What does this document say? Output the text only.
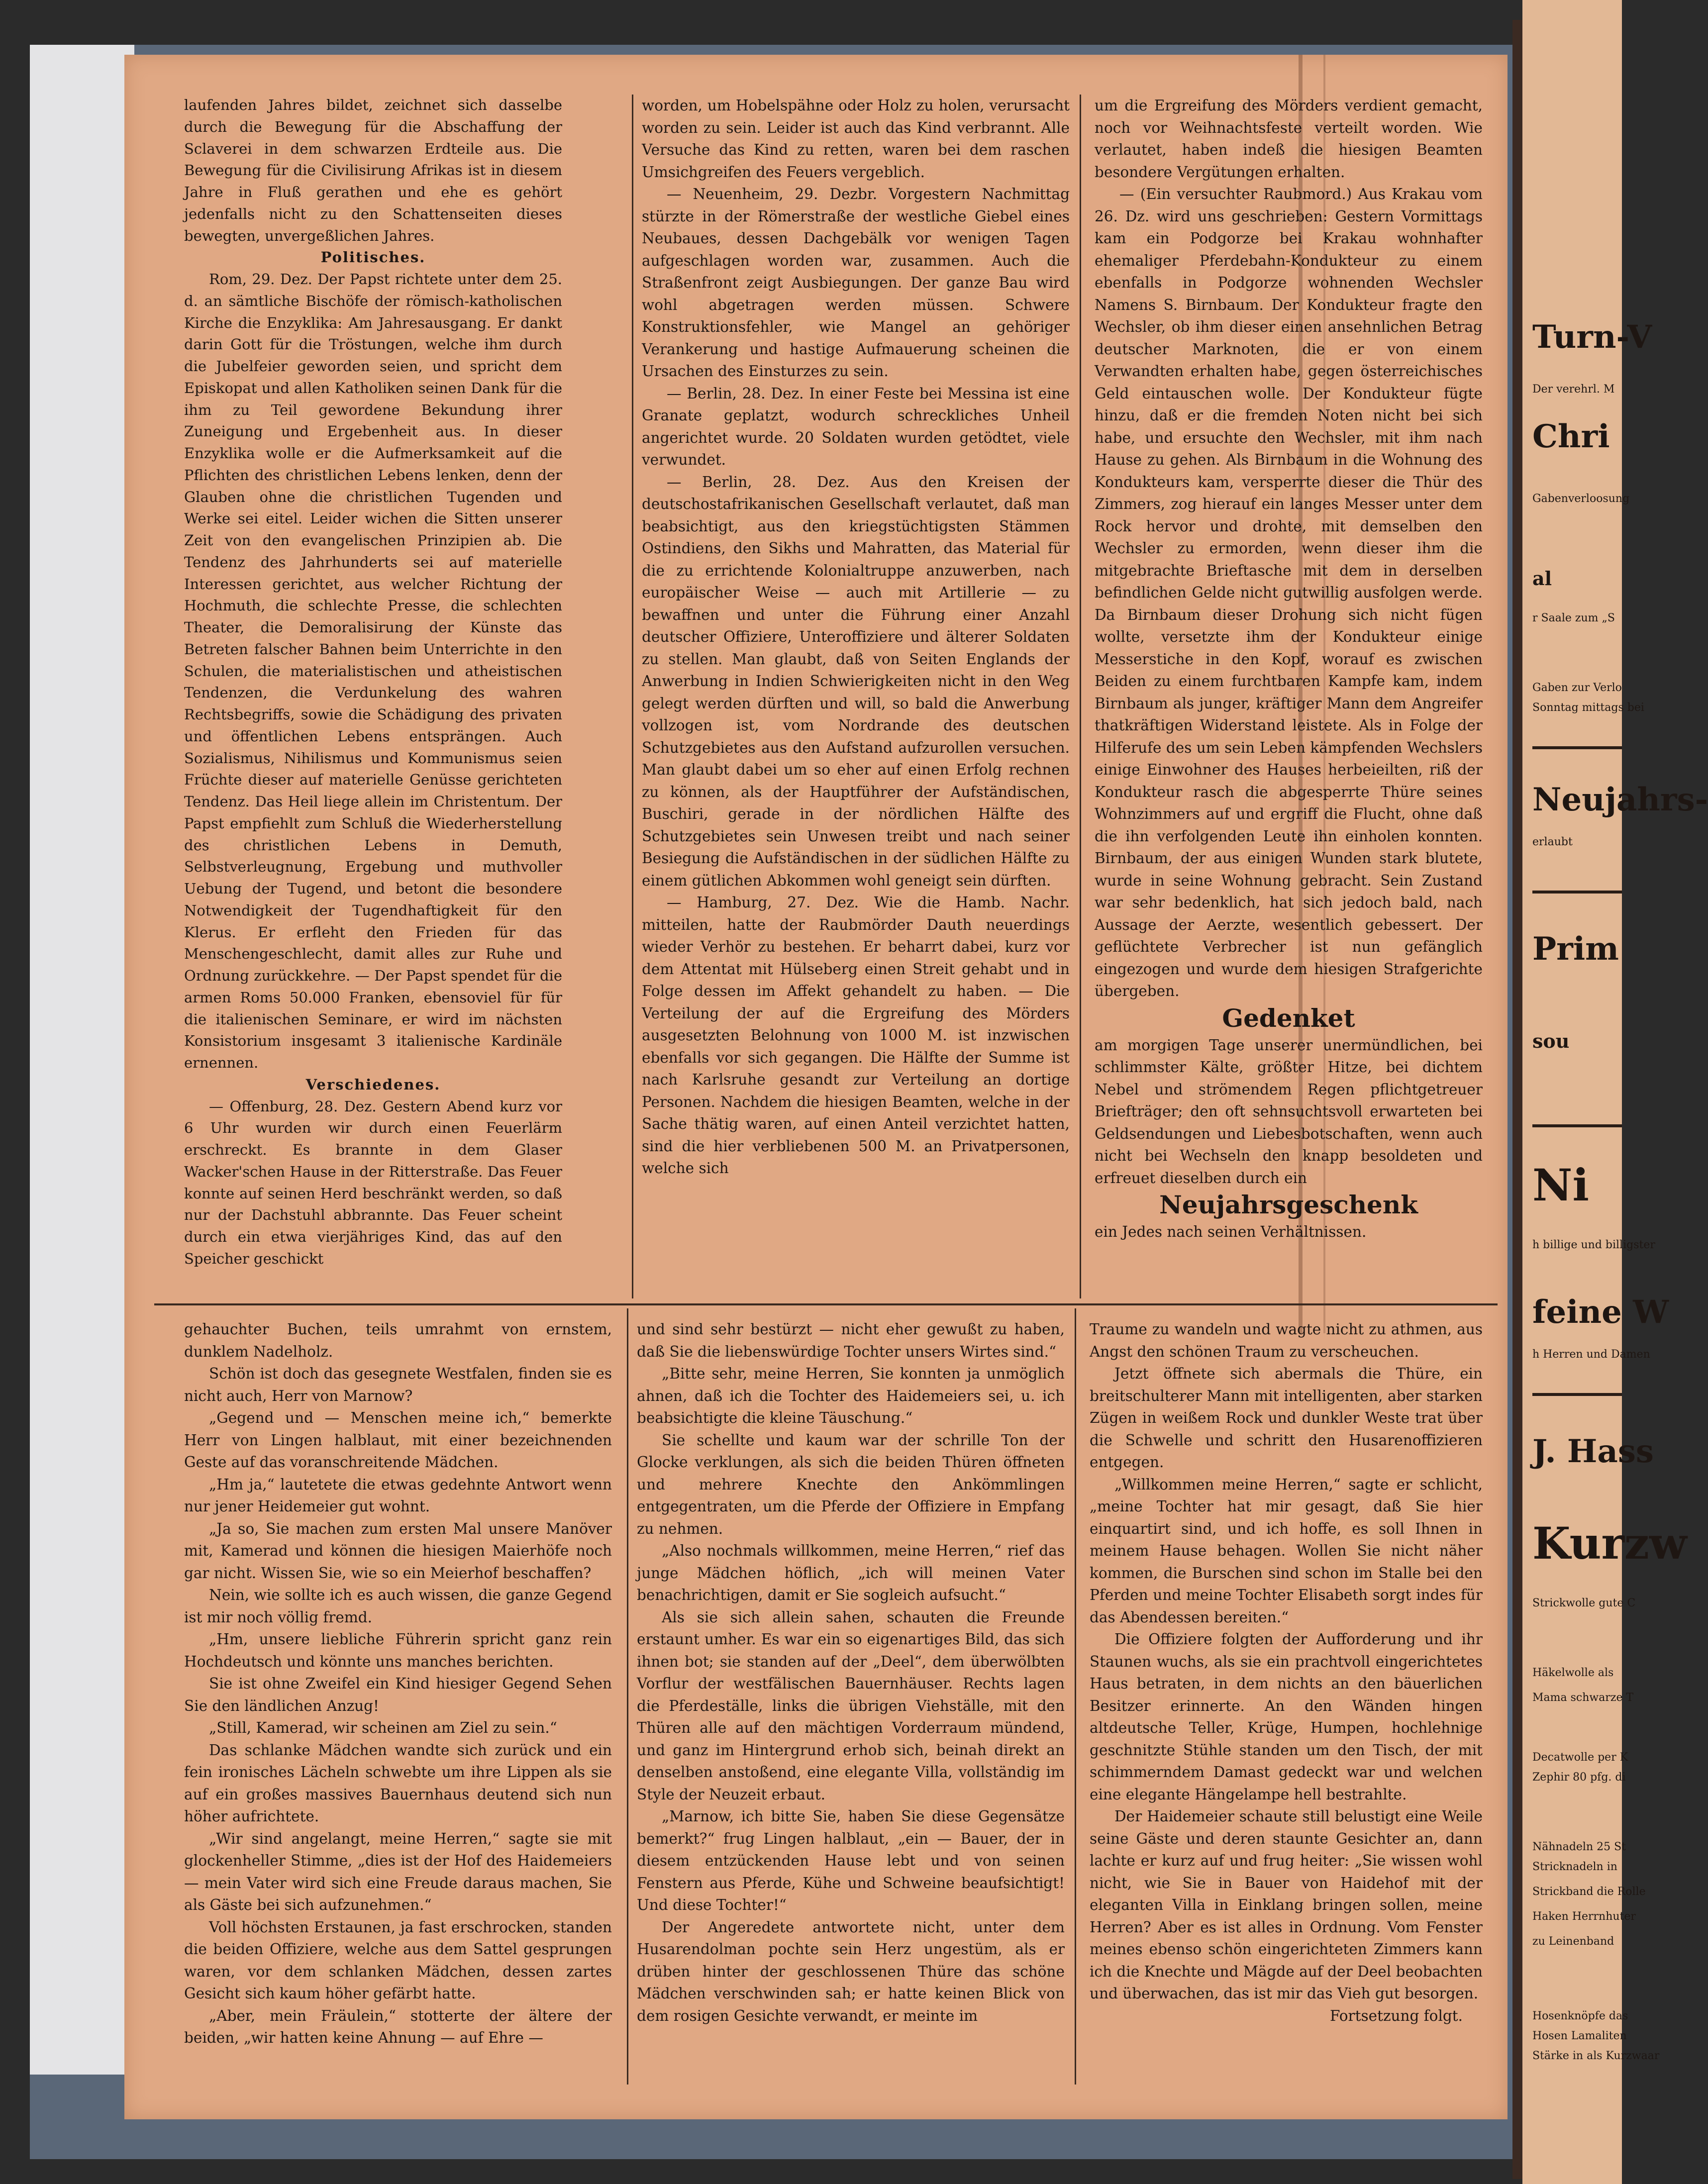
laufenden Jahres bildet, zeichnet sich dasselbe durch die Bewegung für die Abschaffung der Sclaverei in dem schwarzen Erdteile aus. Die Bewegung für die Civilisirung Afrikas ist in diesem Jahre in Fluß gerathen und ehe es gehört jedenfalls nicht zu den Schattenseiten dieses bewegten, unvergeßlichen Jahres.

Politisches.

Rom, 29. Dez. Der Papst richtete unter dem 25. d. an sämtliche Bischöfe der römisch-katholischen Kirche die Enzyklika: Am Jahresausgang. Er dankt darin Gott für die Tröstungen, welche ihm durch die Jubelfeier geworden seien, und spricht dem Episkopat und allen Katholiken seinen Dank für die ihm zu Teil gewordene Bekundung ihrer Zuneigung und Ergebenheit aus. In dieser Enzyklika wolle er die Aufmerksamkeit auf die Pflichten des christlichen Lebens lenken, denn der Glauben ohne die christlichen Tugenden und Werke sei eitel. Leider wichen die Sitten unserer Zeit von den evangelischen Prinzipien ab. Die Tendenz des Jahrhunderts sei auf materielle Interessen gerichtet, aus welcher Richtung der Hochmuth, die schlechte Presse, die schlechten Theater, die Demoralisirung der Künste das Betreten falscher Bahnen beim Unterrichte in den Schulen, die materialistischen und atheistischen Tendenzen, die Verdunkelung des wahren Rechtsbegriffs, sowie die Schädigung des privaten und öffentlichen Lebens entsprängen. Auch Sozialismus, Nihilismus und Kommunismus seien Früchte dieser auf materielle Genüsse gerichteten Tendenz. Das Heil liege allein im Christentum. Der Papst empfiehlt zum Schluß die Wiederherstellung des christlichen Lebens in Demuth, Selbstverleugnung, Ergebung und muthvoller Uebung der Tugend, und betont die besondere Notwendigkeit der Tugendhaftigkeit für den Klerus. Er erfleht den Frieden für das Menschengeschlecht, damit alles zur Ruhe und Ordnung zurückkehre. — Der Papst spendet für die armen Roms 50.000 Franken, ebensoviel für für die italienischen Seminare, er wird im nächsten Konsistorium insgesamt 3 italienische Kardinäle ernennen.

Verschiedenes.

— Offenburg, 28. Dez. Gestern Abend kurz vor 6 Uhr wurden wir durch einen Feuerlärm erschreckt. Es brannte in dem Glaser Wacker'schen Hause in der Ritterstraße. Das Feuer konnte auf seinen Herd beschränkt werden, so daß nur der Dachstuhl abbrannte. Das Feuer scheint durch ein etwa vierjähriges Kind, das auf den Speicher geschickt

worden, um Hobelspähne oder Holz zu holen, verursacht worden zu sein. Leider ist auch das Kind verbrannt. Alle Versuche das Kind zu retten, waren bei dem raschen Umsichgreifen des Feuers vergeblich.

— Neuenheim, 29. Dezbr. Vorgestern Nachmittag stürzte in der Römerstraße der westliche Giebel eines Neubaues, dessen Dachgebälk vor wenigen Tagen aufgeschlagen worden war, zusammen. Auch die Straßenfront zeigt Ausbiegungen. Der ganze Bau wird wohl abgetragen werden müssen. Schwere Konstruktionsfehler, wie Mangel an gehöriger Verankerung und hastige Aufmauerung scheinen die Ursachen des Einsturzes zu sein.

— Berlin, 28. Dez. In einer Feste bei Messina ist eine Granate geplatzt, wodurch schreckliches Unheil angerichtet wurde. 20 Soldaten wurden getödtet, viele verwundet.

— Berlin, 28. Dez. Aus den Kreisen der deutschostafrikanischen Gesellschaft verlautet, daß man beabsichtigt, aus den kriegstüchtigsten Stämmen Ostindiens, den Sikhs und Mahratten, das Material für die zu errichtende Kolonialtruppe anzuwerben, nach europäischer Weise — auch mit Artillerie — zu bewaffnen und unter die Führung einer Anzahl deutscher Offiziere, Unteroffiziere und älterer Soldaten zu stellen. Man glaubt, daß von Seiten Englands der Anwerbung in Indien Schwierigkeiten nicht in den Weg gelegt werden dürften und will, so bald die Anwerbung vollzogen ist, vom Nordrande des deutschen Schutzgebietes aus den Aufstand aufzurollen versuchen. Man glaubt dabei um so eher auf einen Erfolg rechnen zu können, als der Hauptführer der Aufständischen, Buschiri, gerade in der nördlichen Hälfte des Schutzgebietes sein Unwesen treibt und nach seiner Besiegung die Aufständischen in der südlichen Hälfte zu einem gütlichen Abkommen wohl geneigt sein dürften.

— Hamburg, 27. Dez. Wie die Hamb. Nachr. mitteilen, hatte der Raubmörder Dauth neuerdings wieder Verhör zu bestehen. Er beharrt dabei, kurz vor dem Attentat mit Hülseberg einen Streit gehabt und in Folge dessen im Affekt gehandelt zu haben. — Die Verteilung der auf die Ergreifung des Mörders ausgesetzten Belohnung von 1000 M. ist inzwischen ebenfalls vor sich gegangen. Die Hälfte der Summe ist nach Karlsruhe gesandt zur Verteilung an dortige Personen. Nachdem die hiesigen Beamten, welche in der Sache thätig waren, auf einen Anteil verzichtet hatten, sind die hier verbliebenen 500 M. an Privatpersonen, welche sich

um die Ergreifung des Mörders verdient gemacht, noch vor Weihnachtsfeste verteilt worden. Wie verlautet, haben indeß die hiesigen Beamten besondere Vergütungen erhalten.

— (Ein versuchter Raubmord.) Aus Krakau vom 26. Dz. wird uns geschrieben: Gestern Vormittags kam ein Podgorze bei Krakau wohnhafter ehemaliger Pferdebahn-Kondukteur zu einem ebenfalls in Podgorze wohnenden Wechsler Namens S. Birnbaum. Der Kondukteur fragte den Wechsler, ob ihm dieser einen ansehnlichen Betrag deutscher Marknoten, die er von einem Verwandten erhalten habe, gegen österreichisches Geld eintauschen wolle. Der Kondukteur fügte hinzu, daß er die fremden Noten nicht bei sich habe, und ersuchte den Wechsler, mit ihm nach Hause zu gehen. Als Birnbaum in die Wohnung des Kondukteurs kam, versperrte dieser die Thür des Zimmers, zog hierauf ein langes Messer unter dem Rock hervor und drohte, mit demselben den Wechsler zu ermorden, wenn dieser ihm die mitgebrachte Brieftasche mit dem in derselben befindlichen Gelde nicht gutwillig ausfolgen werde. Da Birnbaum dieser Drohung sich nicht fügen wollte, versetzte ihm der Kondukteur einige Messerstiche in den Kopf, worauf es zwischen Beiden zu einem furchtbaren Kampfe kam, indem Birnbaum als junger, kräftiger Mann dem Angreifer thatkräftigen Widerstand leistete. Als in Folge der Hilferufe des um sein Leben kämpfenden Wechslers einige Einwohner des Hauses herbeieilten, riß der Kondukteur rasch die abgesperrte Thüre seines Wohnzimmers auf und ergriff die Flucht, ohne daß die ihn verfolgenden Leute ihn einholen konnten. Birnbaum, der aus einigen Wunden stark blutete, wurde in seine Wohnung gebracht. Sein Zustand war sehr bedenklich, hat sich jedoch bald, nach Aussage der Aerzte, wesentlich gebessert. Der geflüchtete Verbrecher ist nun gefänglich eingezogen und wurde dem hiesigen Strafgerichte übergeben.

Gedenket

am morgigen Tage unserer unermündlichen, bei schlimmster Kälte, größter Hitze, bei dichtem Nebel und strömendem Regen pflichtgetreuer Briefträger; den oft sehnsuchtsvoll erwarteten bei Geldsendungen und Liebesbotschaften, wenn auch nicht bei Wechseln den knapp besoldeten und erfreuet dieselben durch ein

Neujahrsgeschenk

ein Jedes nach seinen Verhältnissen.

gehauchter Buchen, teils umrahmt von ernstem, dunklem Nadelholz.

Schön ist doch das gesegnete Westfalen, finden sie es nicht auch, Herr von Marnow?

„Gegend und — Menschen meine ich,“ bemerkte Herr von Lingen halblaut, mit einer bezeichnenden Geste auf das voranschreitende Mädchen.

„Hm ja,“ lautetete die etwas gedehnte Antwort wenn nur jener Heidemeier gut wohnt.

„Ja so, Sie machen zum ersten Mal unsere Manöver mit, Kamerad und können die hiesigen Maierhöfe noch gar nicht. Wissen Sie, wie so ein Meierhof beschaffen?

Nein, wie sollte ich es auch wissen, die ganze Gegend ist mir noch völlig fremd.

„Hm, unsere liebliche Führerin spricht ganz rein Hochdeutsch und könnte uns manches berichten.

Sie ist ohne Zweifel ein Kind hiesiger Gegend Sehen Sie den ländlichen Anzug!

„Still, Kamerad, wir scheinen am Ziel zu sein.“

Das schlanke Mädchen wandte sich zurück und ein fein ironisches Lächeln schwebte um ihre Lippen als sie auf ein großes massives Bauernhaus deutend sich nun höher aufrichtete.

„Wir sind angelangt, meine Herren,“ sagte sie mit glockenheller Stimme, „dies ist der Hof des Haidemeiers — mein Vater wird sich eine Freude daraus machen, Sie als Gäste bei sich aufzunehmen.“

Voll höchsten Erstaunen, ja fast erschrocken, standen die beiden Offiziere, welche aus dem Sattel gesprungen waren, vor dem schlanken Mädchen, dessen zartes Gesicht sich kaum höher gefärbt hatte.

„Aber, mein Fräulein,“ stotterte der ältere der beiden, „wir hatten keine Ahnung — auf Ehre —

und sind sehr bestürzt — nicht eher gewußt zu haben, daß Sie die liebenswürdige Tochter unsers Wirtes sind.“

„Bitte sehr, meine Herren, Sie konnten ja unmöglich ahnen, daß ich die Tochter des Haidemeiers sei, u. ich beabsichtigte die kleine Täuschung.“

Sie schellte und kaum war der schrille Ton der Glocke verklungen, als sich die beiden Thüren öffneten und mehrere Knechte den Ankömmlingen entgegentraten, um die Pferde der Offiziere in Empfang zu nehmen.

„Also nochmals willkommen, meine Herren,“ rief das junge Mädchen höflich, „ich will meinen Vater benachrichtigen, damit er Sie sogleich aufsucht.“

Als sie sich allein sahen, schauten die Freunde erstaunt umher. Es war ein so eigenartiges Bild, das sich ihnen bot; sie standen auf der „Deel“, dem überwölbten Vorflur der westfälischen Bauernhäuser. Rechts lagen die Pferdeställe, links die übrigen Viehställe, mit den Thüren alle auf den mächtigen Vorderraum mündend, und ganz im Hintergrund erhob sich, beinah direkt an denselben anstoßend, eine elegante Villa, vollständig im Style der Neuzeit erbaut.

„Marnow, ich bitte Sie, haben Sie diese Gegensätze bemerkt?“ frug Lingen halblaut, „ein — Bauer, der in diesem entzückenden Hause lebt und von seinen Fenstern aus Pferde, Kühe und Schweine beaufsichtigt! Und diese Tochter!“

Der Angeredete antwortete nicht, unter dem Husarendolman pochte sein Herz ungestüm, als er drüben hinter der geschlossenen Thüre das schöne Mädchen verschwinden sah; er hatte keinen Blick von dem rosigen Gesichte verwandt, er meinte im

Traume zu wandeln und wagte nicht zu athmen, aus Angst den schönen Traum zu verscheuchen.

Jetzt öffnete sich abermals die Thüre, ein breitschulterer Mann mit intelligenten, aber starken Zügen in weißem Rock und dunkler Weste trat über die Schwelle und schritt den Husarenoffizieren entgegen.

„Willkommen meine Herren,“ sagte er schlicht, „meine Tochter hat mir gesagt, daß Sie hier einquartirt sind, und ich hoffe, es soll Ihnen in meinem Hause behagen. Wollen Sie nicht näher kommen, die Burschen sind schon im Stalle bei den Pferden und meine Tochter Elisabeth sorgt indes für das Abendessen bereiten.“

Die Offiziere folgten der Aufforderung und ihr Staunen wuchs, als sie ein prachtvoll eingerichtetes Haus betraten, in dem nichts an den bäuerlichen Besitzer erinnerte. An den Wänden hingen altdeutsche Teller, Krüge, Humpen, hochlehnige geschnitzte Stühle standen um den Tisch, der mit schimmerndem Damast gedeckt war und welchen eine elegante Hängelampe hell bestrahlte.

Der Haidemeier schaute still belustigt eine Weile seine Gäste und deren staunte Gesichter an, dann lachte er kurz auf und frug heiter: „Sie wissen wohl nicht, wie Sie in Bauer von Haidehof mit der eleganten Villa in Einklang bringen sollen, meine Herren? Aber es ist alles in Ordnung. Vom Fenster meines ebenso schön eingerichteten Zimmers kann ich die Knechte und Mägde auf der Deel beobachten und überwachen, das ist mir das Vieh gut besorgen.

Fortsetzung folgt.

Turn-V
Der verehrl. M
Chri
Gabenverloosung
al
r Saale zum „S
Gaben zur Verlo
Sonntag mittags bei
Neujahrs-
erlaubt
Prim
sou
Ni
h billige und billigster
feine W
h Herren und Damen
J. Hass
Kurzw
Strickwolle gute C
Häkelwolle als
Mama schwarze T
Decatwolle per K
Zephir 80 pfg. di
Nähnadeln 25 St
Stricknadeln in
Strickband die Rolle
Haken Herrnhuter
zu Leinenband
Hosenknöpfe das
Hosen Lamaliten
Stärke in als Kurzwaar
